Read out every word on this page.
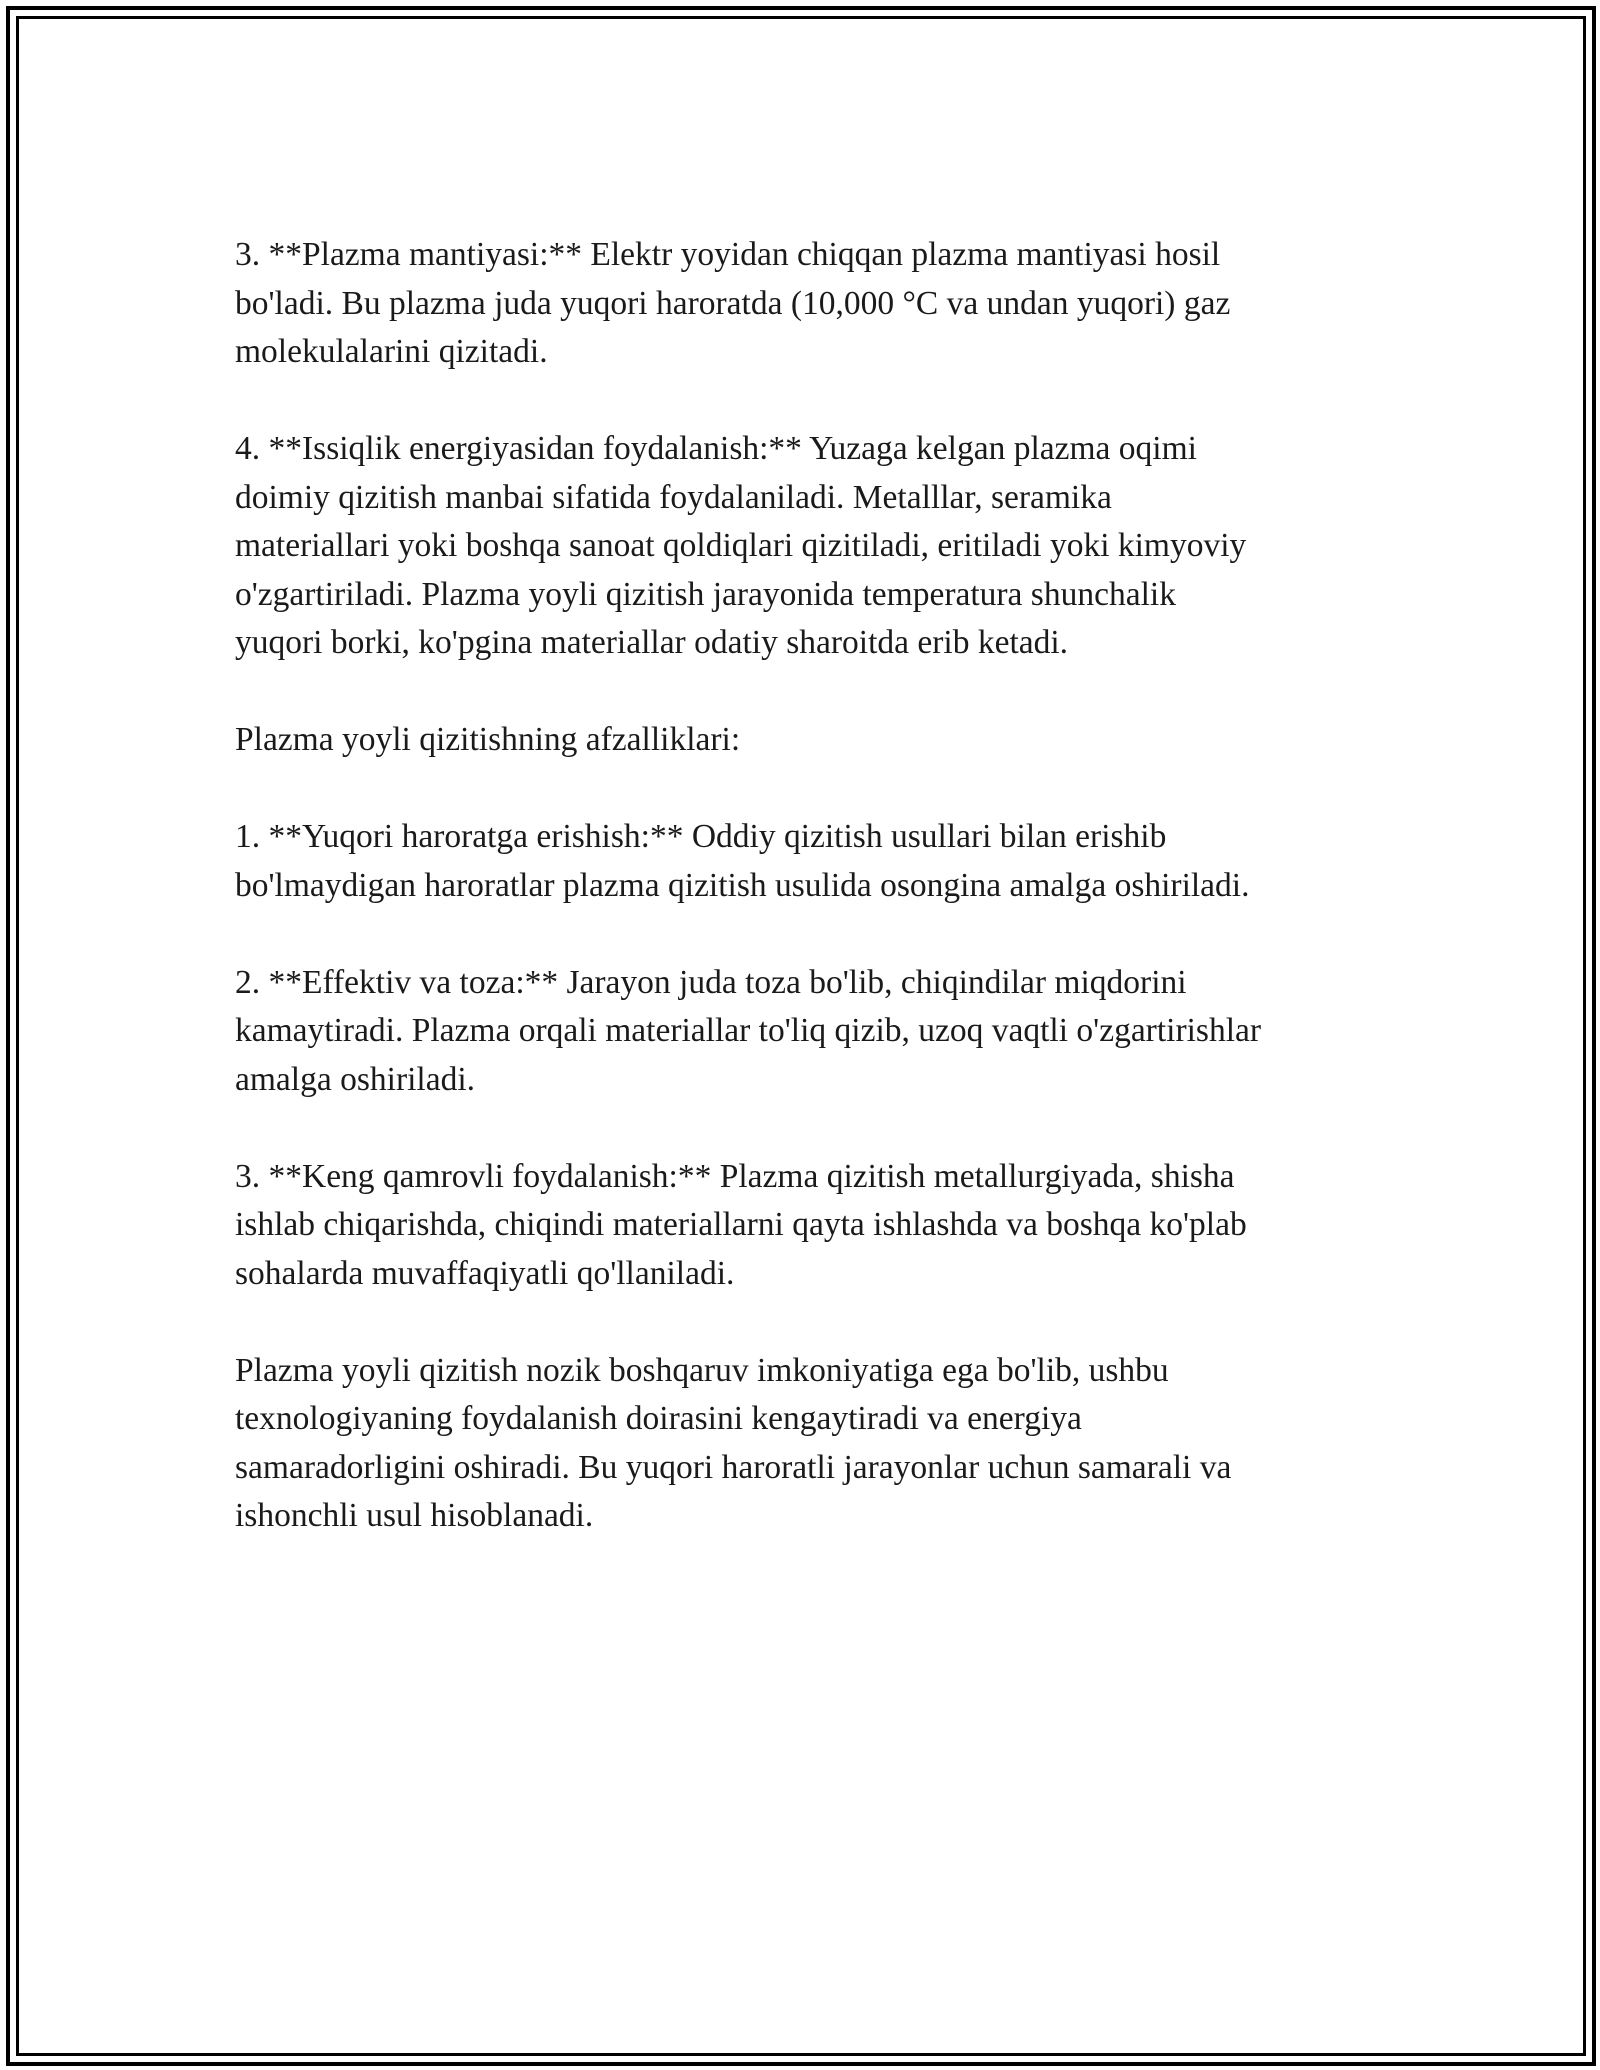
3. **Plazma mantiyasi:** Elektr yoyidan chiqqan plazma mantiyasi hosil
bo'ladi. Bu plazma juda yuqori haroratda (10,000 °C va undan yuqori) gaz
molekulalarini qizitadi.

4. **Issiqlik energiyasidan foydalanish:** Yuzaga kelgan plazma oqimi
doimiy qizitish manbai sifatida foydalaniladi. Metalllar, seramika
materiallari yoki boshqa sanoat qoldiqlari qizitiladi, eritiladi yoki kimyoviy
o'zgartiriladi. Plazma yoyli qizitish jarayonida temperatura shunchalik
yuqori borki, ko'pgina materiallar odatiy sharoitda erib ketadi.

Plazma yoyli qizitishning afzalliklari:

1. **Yuqori haroratga erishish:** Oddiy qizitish usullari bilan erishib
bo'lmaydigan haroratlar plazma qizitish usulida osongina amalga oshiriladi.

2. **Effektiv va toza:** Jarayon juda toza bo'lib, chiqindilar miqdorini
kamaytiradi. Plazma orqali materiallar to'liq qizib, uzoq vaqtli o'zgartirishlar
amalga oshiriladi.

3. **Keng qamrovli foydalanish:** Plazma qizitish metallurgiyada, shisha
ishlab chiqarishda, chiqindi materiallarni qayta ishlashda va boshqa ko'plab
sohalarda muvaffaqiyatli qo'llaniladi.

Plazma yoyli qizitish nozik boshqaruv imkoniyatiga ega bo'lib, ushbu
texnologiyaning foydalanish doirasini kengaytiradi va energiya
samaradorligini oshiradi. Bu yuqori haroratli jarayonlar uchun samarali va
ishonchli usul hisoblanadi.
